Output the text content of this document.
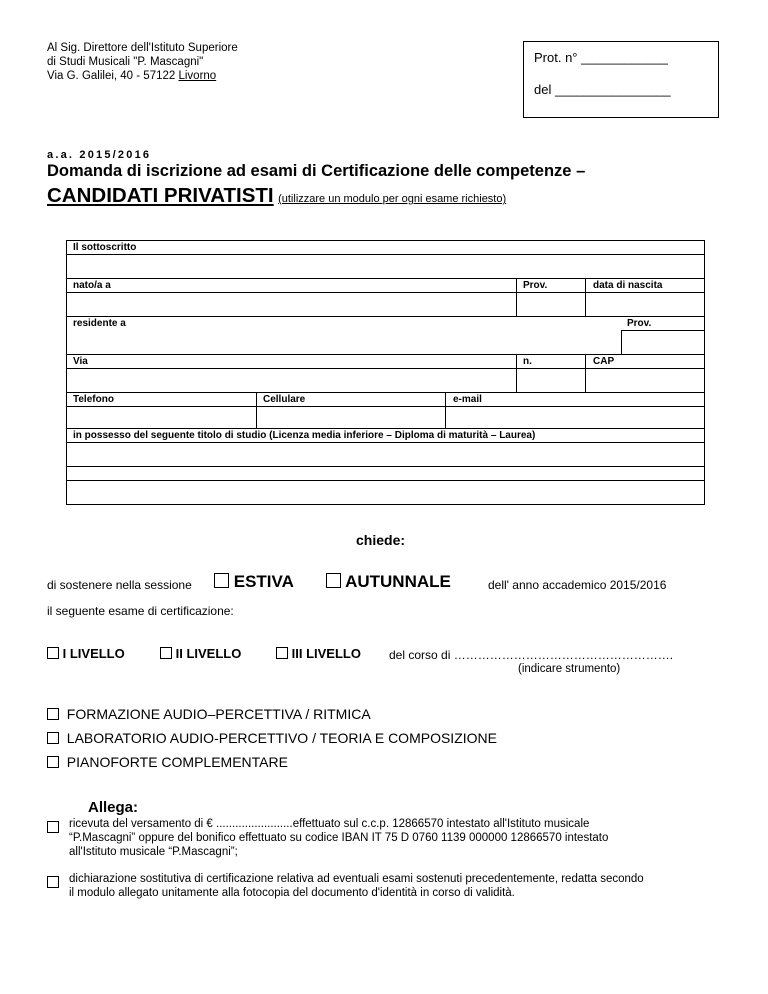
Al Sig. Direttore dell'Istituto Superiore
di Studi Musicali "P. Mascagni"
Via G. Galilei, 40 - 57122 Livorno
Prot. n° ____________
del ________________
a.a. 2015/2016
Domanda di iscrizione ad esami di Certificazione delle competenze –
CANDIDATI PRIVATISTI (utilizzare un modulo per ogni esame richiesto)
Il sottoscritto
nato/a a	Prov.	data di nascita
residente a	Prov.
Via	n.	CAP
Telefono	Cellulare	e-mail
in possesso del seguente titolo di studio (Licenza media inferiore – Diploma di maturità – Laurea)
chiede:
di sostenere nella sessione	ESTIVA	AUTUNNALE	dell' anno accademico 2015/2016
il seguente esame di certificazione:
I LIVELLO	II LIVELLO	III LIVELLO del corso di ……………………………………………….
(indicare strumento)
FORMAZIONE AUDIO–PERCETTIVA / RITMICA
LABORATORIO AUDIO-PERCETTIVO / TEORIA E COMPOSIZIONE
PIANOFORTE COMPLEMENTARE
Allega:
ricevuta del versamento di € ........................effettuato sul c.c.p. 12866570 intestato all'Istituto musicale
“P.Mascagni” oppure del bonifico effettuato su codice IBAN IT 75 D 0760 1139 000000 12866570 intestato
all'Istituto musicale “P.Mascagni”;
dichiarazione sostitutiva di certificazione relativa ad eventuali esami sostenuti precedentemente, redatta secondo
il modulo allegato unitamente alla fotocopia del documento d'identità in corso di validità.
